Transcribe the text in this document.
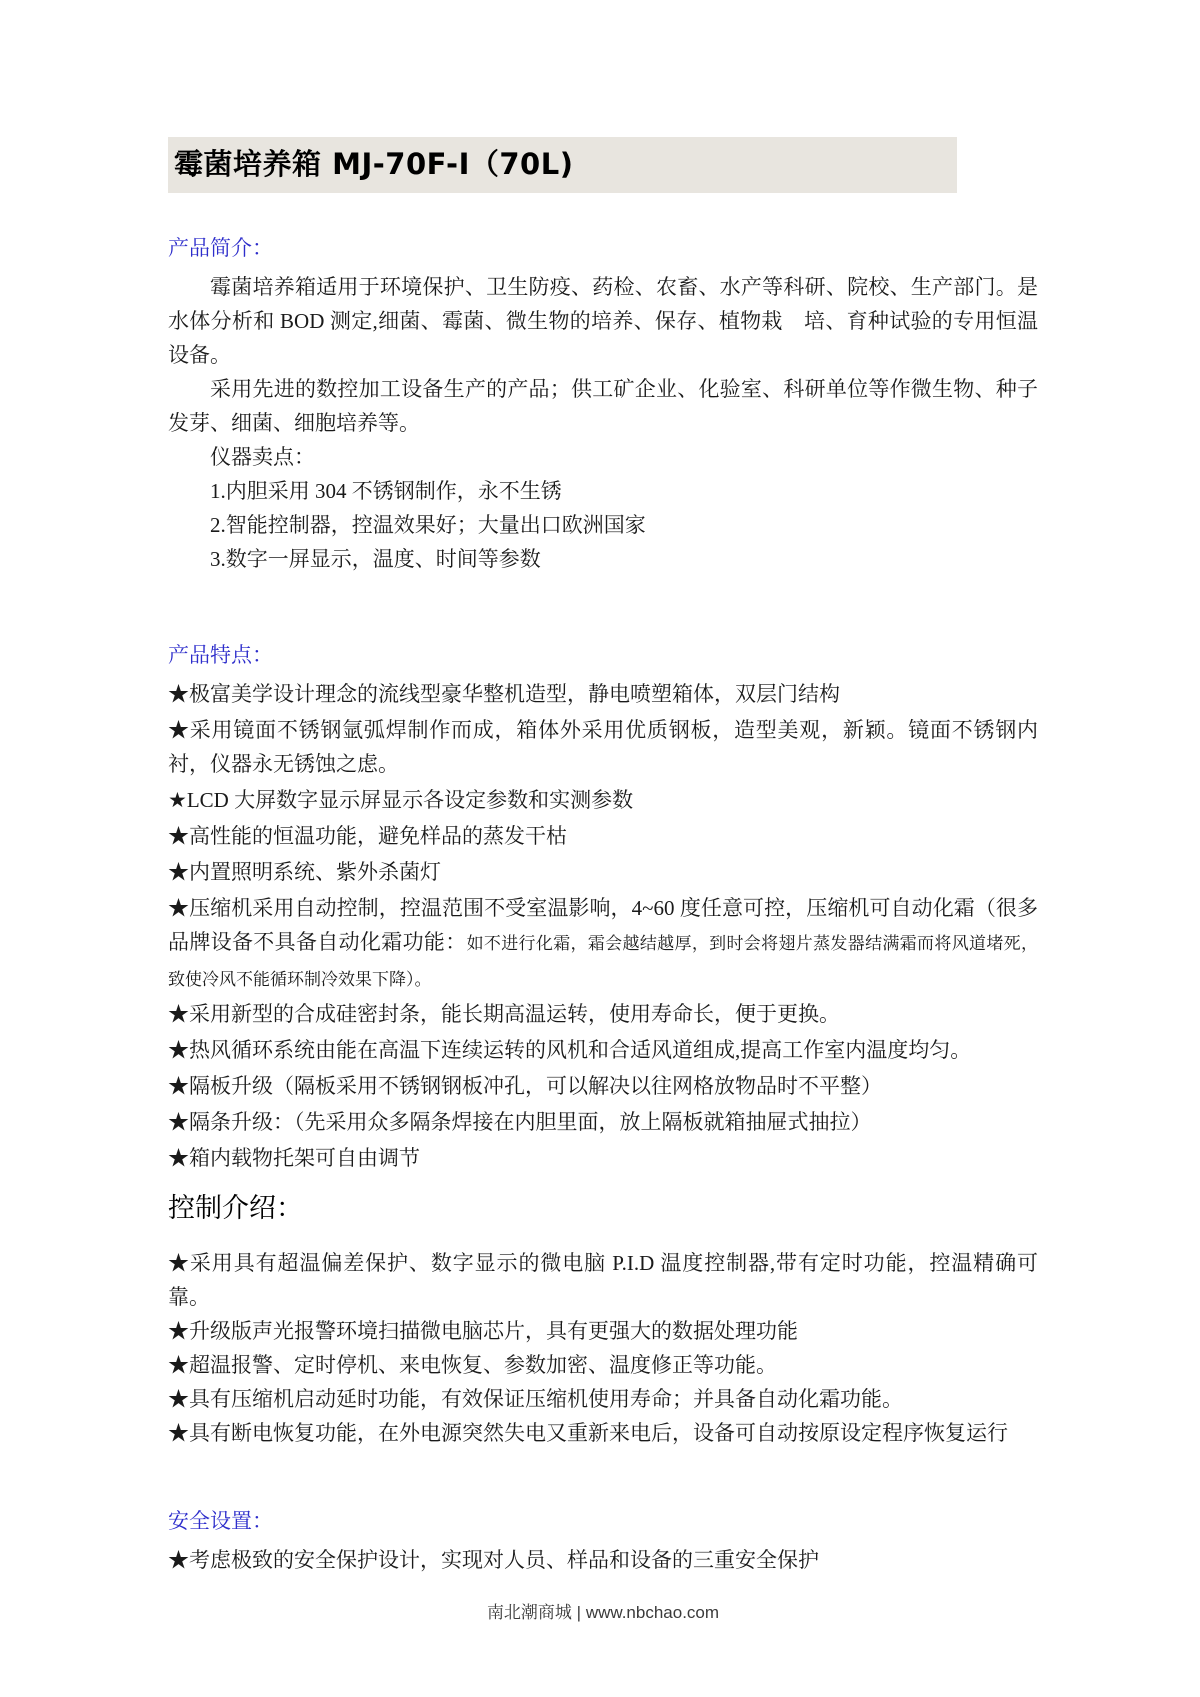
霉菌培养箱 MJ-70F-I（70L)
产品简介：

霉菌培养箱适用于环境保护、卫生防疫、药检、农畜、水产等科研、院校、生产部门。是水体分析和 BOD 测定,细菌、霉菌、微生物的培养、保存、植物栽　培、育种试验的专用恒温设备。

采用先进的数控加工设备生产的产品；供工矿企业、化验室、科研单位等作微生物、种子发芽、细菌、细胞培养等。

仪器卖点：

1.内胆采用 304 不锈钢制作，永不生锈

2.智能控制器，控温效果好；大量出口欧洲国家

3.数字一屏显示，温度、时间等参数

产品特点：

★极富美学设计理念的流线型豪华整机造型，静电喷塑箱体，双层门结构

★采用镜面不锈钢氩弧焊制作而成，箱体外采用优质钢板，造型美观，新颖。镜面不锈钢内衬，仪器永无锈蚀之虑。

★LCD 大屏数字显示屏显示各设定参数和实测参数

★高性能的恒温功能，避免样品的蒸发干枯

★内置照明系统、紫外杀菌灯

★压缩机采用自动控制，控温范围不受室温影响，4~60 度任意可控，压缩机可自动化霜（很多品牌设备不具备自动化霜功能：如不进行化霜，霜会越结越厚，到时会将翅片蒸发器结满霜而将风道堵死，致使冷风不能循环制冷效果下降）。

★采用新型的合成硅密封条，能长期高温运转，使用寿命长，便于更换。

★热风循环系统由能在高温下连续运转的风机和合适风道组成,提高工作室内温度均匀。

★隔板升级（隔板采用不锈钢钢板冲孔，可以解决以往网格放物品时不平整）

★隔条升级：（先采用众多隔条焊接在内胆里面，放上隔板就箱抽屉式抽拉）

★箱内载物托架可自由调节

控制介绍：

★采用具有超温偏差保护、数字显示的微电脑 P.I.D 温度控制器,带有定时功能，控温精确可靠。

★升级版声光报警环境扫描微电脑芯片，具有更强大的数据处理功能

★超温报警、定时停机、来电恢复、参数加密、温度修正等功能。

★具有压缩机启动延时功能，有效保证压缩机使用寿命；并具备自动化霜功能。

★具有断电恢复功能，在外电源突然失电又重新来电后，设备可自动按原设定程序恢复运行

安全设置：

★考虑极致的安全保护设计，实现对人员、样品和设备的三重安全保护

南北潮商城 | www.nbchao.com
